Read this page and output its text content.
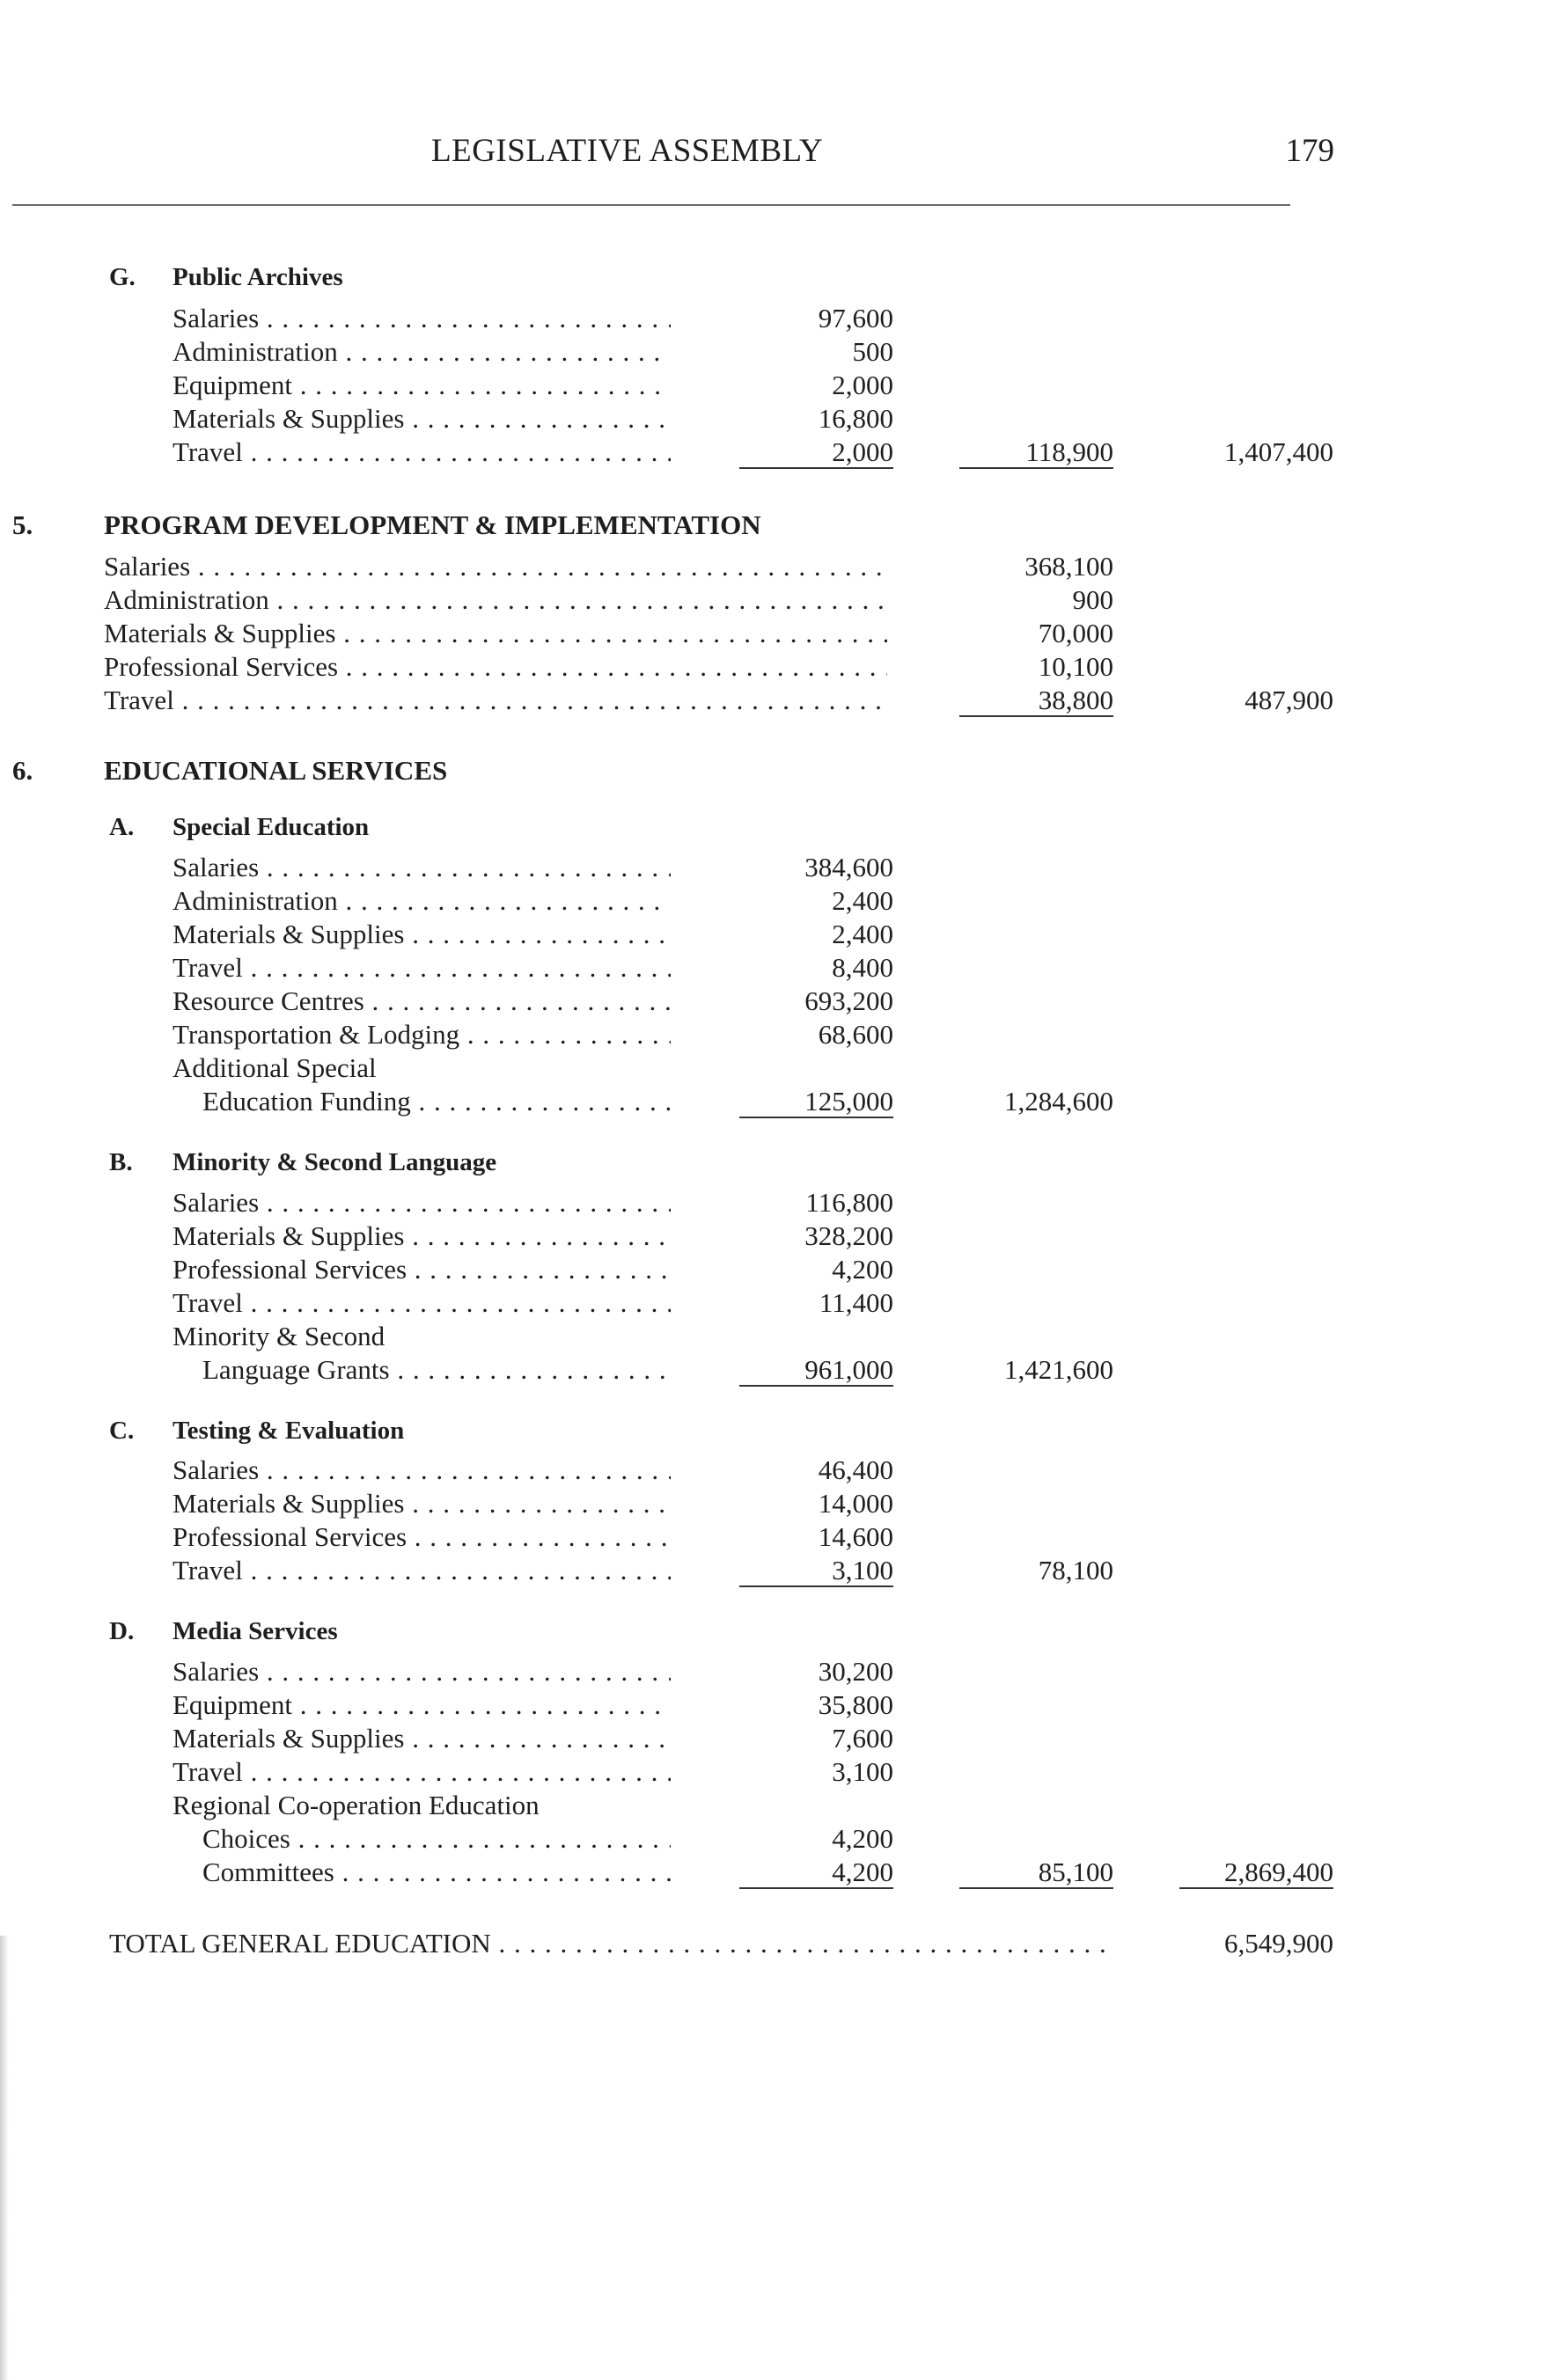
LEGISLATIVE ASSEMBLY	179
G. Public Archives
Salaries . . .	97,600
Administration . . .	500
Equipment . . .	2,000
Materials & Supplies . . .	16,800
Travel . . .	2,000	118,900	1,407,400
5.	PROGRAM DEVELOPMENT & IMPLEMENTATION
Salaries . . .	368,100
Administration . . .	900
Materials & Supplies . . .	70,000
Professional Services . . .	10,100
Travel . . .	38,800	487,900
6.	EDUCATIONAL SERVICES
A. Special Education
Salaries . . .	384,600
Administration . . .	2,400
Materials & Supplies . . .	2,400
Travel . . .	8,400
Resource Centres . . .	693,200
Transportation & Lodging . . .	68,600
Additional Special
Education Funding . . .	125,000	1,284,600
B. Minority & Second Language
Salaries . . .	116,800
Materials & Supplies . . .	328,200
Professional Services . . .	4,200
Travel . . .	11,400
Minority & Second
Language Grants . . .	961,000	1,421,600
C. Testing & Evaluation
Salaries . . .	46,400
Materials & Supplies . . .	14,000
Professional Services . . .	14,600
Travel . . .	3,100	78,100
D. Media Services
Salaries . . .	30,200
Equipment . . .	35,800
Materials & Supplies . . .	7,600
Travel . . .	3,100
Regional Co-operation Education
Choices . . .	4,200
Committees . . .	4,200	85,100	2,869,400
TOTAL GENERAL EDUCATION . . .	6,549,900
